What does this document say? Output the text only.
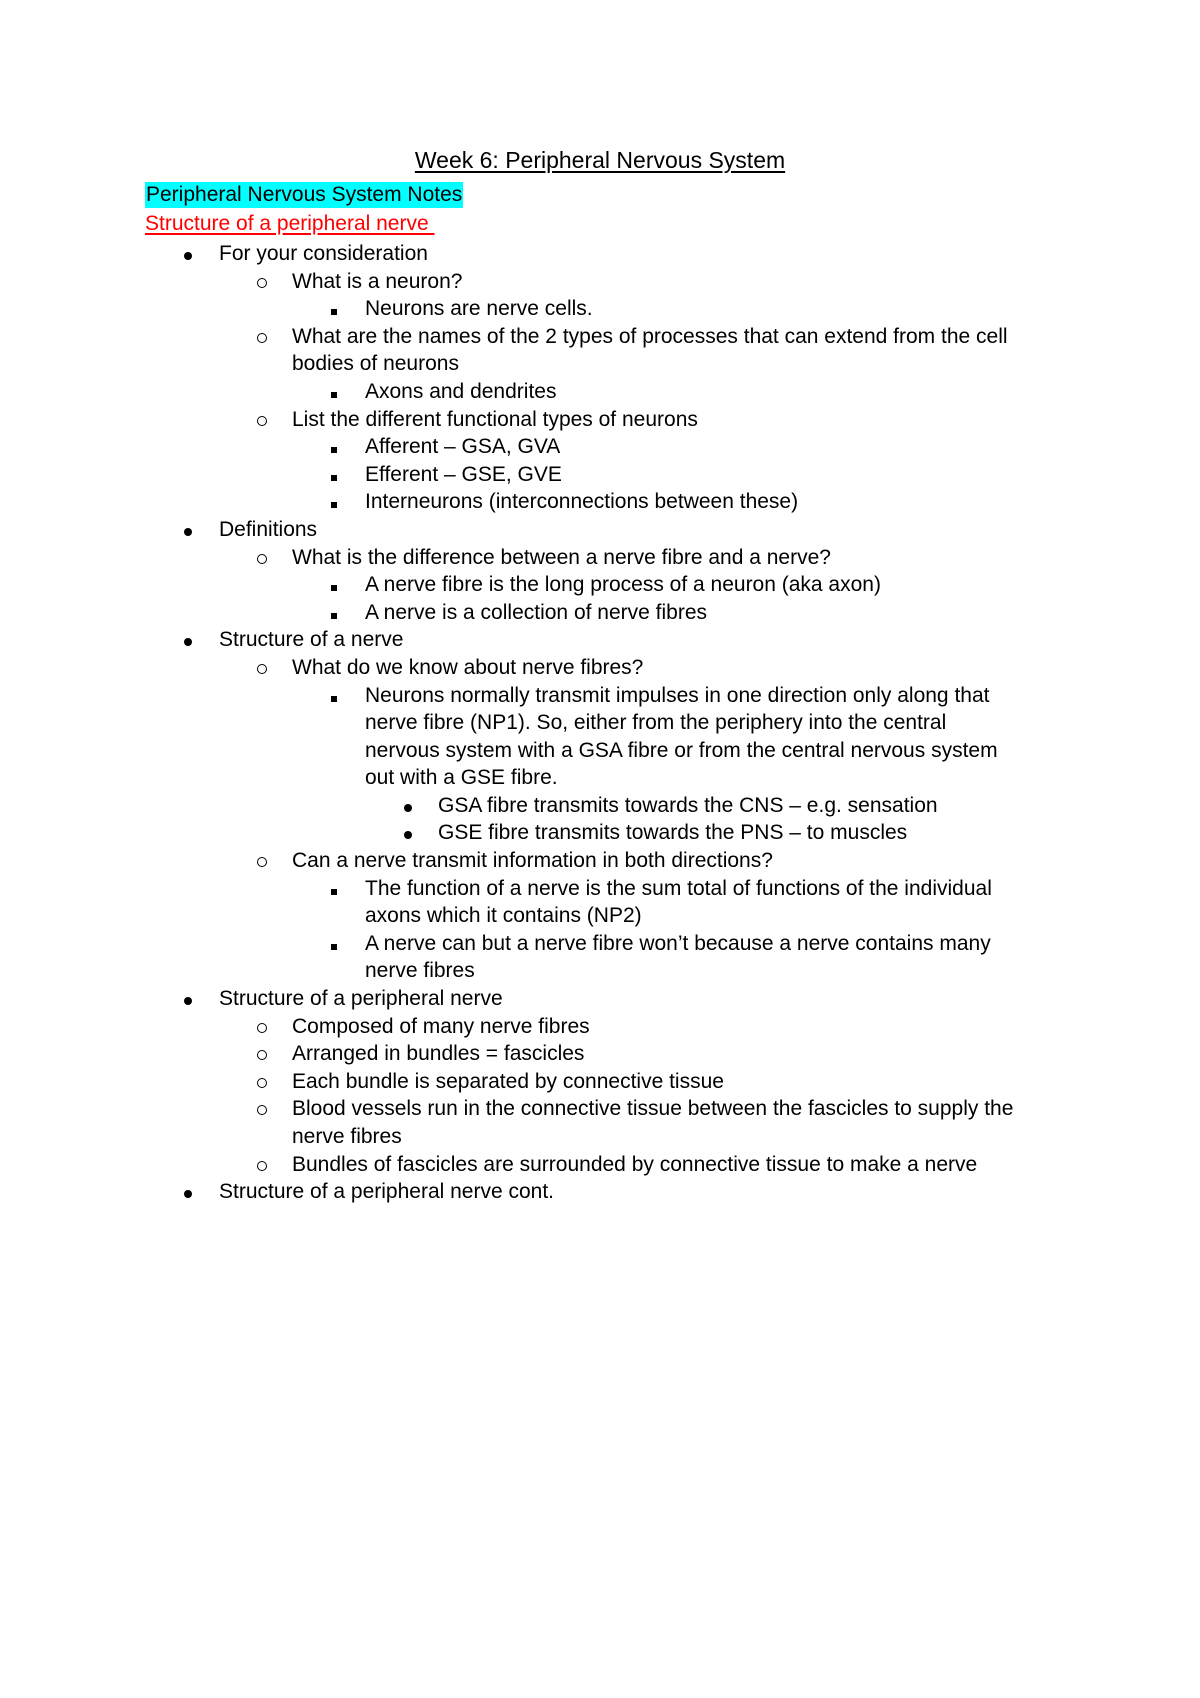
Week 6: Peripheral Nervous System
Peripheral Nervous System Notes
Structure of a peripheral nerve
For your consideration
What is a neuron?
Neurons are nerve cells.
What are the names of the 2 types of processes that can extend from the cell
bodies of neurons
Axons and dendrites
List the different functional types of neurons
Afferent – GSA, GVA
Efferent – GSE, GVE
Interneurons (interconnections between these)
Definitions
What is the difference between a nerve fibre and a nerve?
A nerve fibre is the long process of a neuron (aka axon)
A nerve is a collection of nerve fibres
Structure of a nerve
What do we know about nerve fibres?
Neurons normally transmit impulses in one direction only along that
nerve fibre (NP1). So, either from the periphery into the central
nervous system with a GSA fibre or from the central nervous system
out with a GSE fibre.
GSA fibre transmits towards the CNS – e.g. sensation
GSE fibre transmits towards the PNS – to muscles
Can a nerve transmit information in both directions?
The function of a nerve is the sum total of functions of the individual
axons which it contains (NP2)
A nerve can but a nerve fibre won’t because a nerve contains many
nerve fibres
Structure of a peripheral nerve
Composed of many nerve fibres
Arranged in bundles = fascicles
Each bundle is separated by connective tissue
Blood vessels run in the connective tissue between the fascicles to supply the
nerve fibres
Bundles of fascicles are surrounded by connective tissue to make a nerve
Structure of a peripheral nerve cont.
